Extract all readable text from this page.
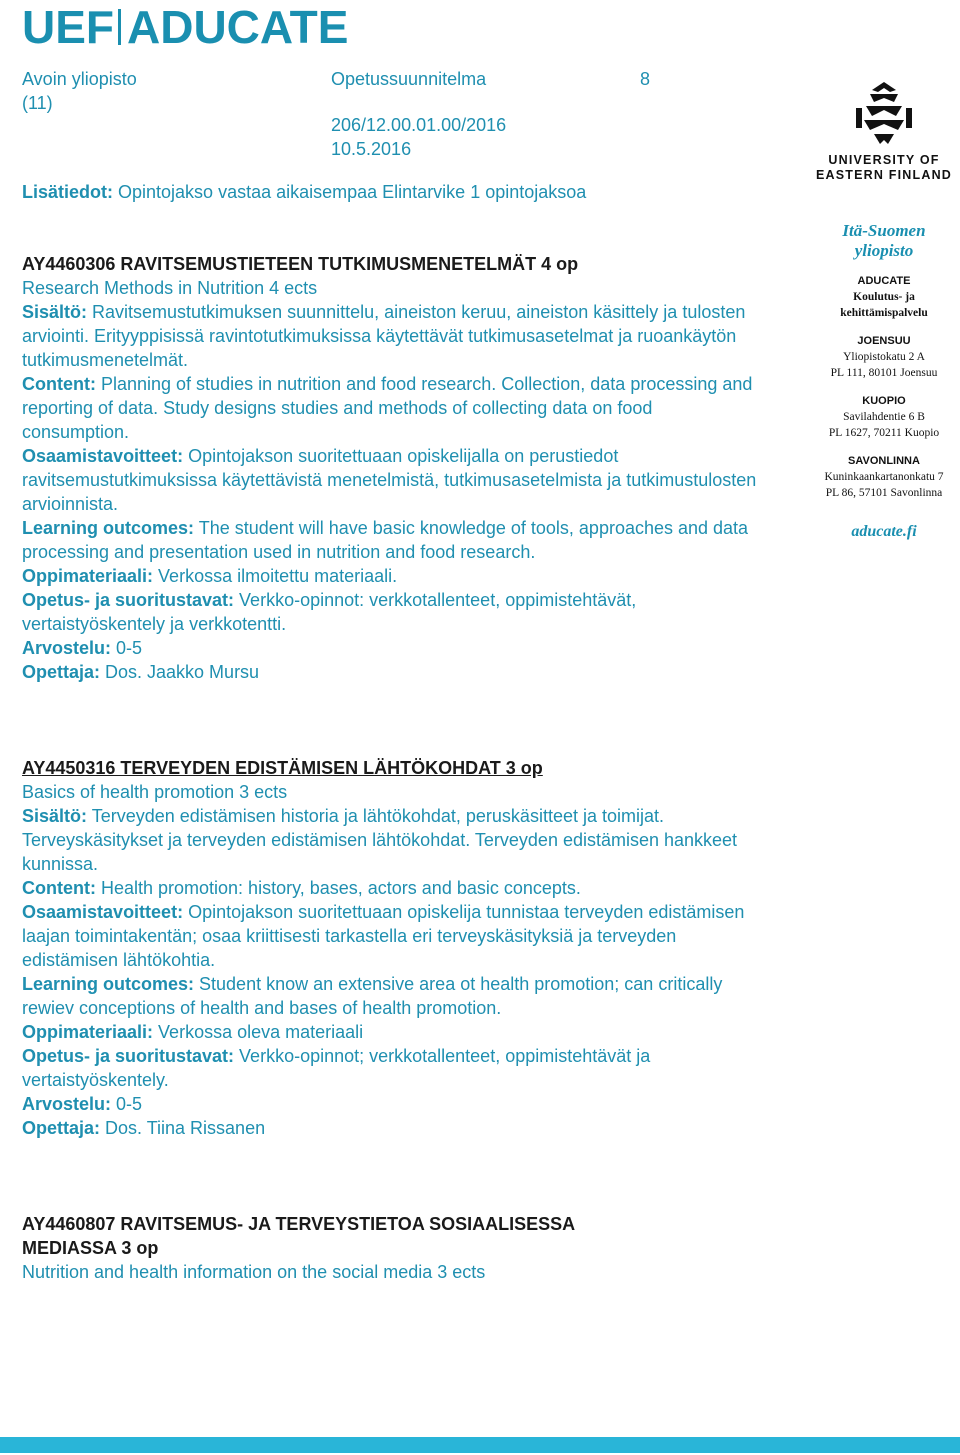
UEF ADUCATE
Avoin yliopisto
(11)
Opetussuunnitelma	8
206/12.00.01.00/2016
10.5.2016

Lisätiedot: Opintojakso vastaa aikaisempaa Elintarvike 1 opintojaksoa

AY4460306 RAVITSEMUSTIETEEN TUTKIMUSMENETELMÄT 4 op

Research Methods in Nutrition 4 ects

Sisältö: Ravitsemustutkimuksen suunnittelu, aineiston keruu, aineiston käsittely ja tulosten arviointi. Erityyppisissä ravintotutkimuksissa käytettävät tutkimusasetelmat ja ruoankäytön tutkimusmenetelmät.

Content: Planning of studies in nutrition and food research. Collection, data processing and reporting of data. Study designs studies and methods of collecting data on food consumption.

Osaamistavoitteet: Opintojakson suoritettuaan opiskelijalla on perustiedot ravitsemustutkimuksissa käytettävistä menetelmistä, tutkimusasetelmista ja tutkimustulosten arvioinnista.

Learning outcomes: The student will have basic knowledge of tools, approaches and data processing and presentation used in nutrition and food research.

Oppimateriaali: Verkossa ilmoitettu materiaali.

Opetus- ja suoritustavat: Verkko-opinnot: verkkotallenteet, oppimistehtävät, vertaistyöskentely ja verkkotentti.

Arvostelu: 0-5

Opettaja: Dos. Jaakko Mursu

AY4450316 TERVEYDEN EDISTÄMISEN LÄHTÖKOHDAT 3 op

Basics of health promotion 3 ects

Sisältö: Terveyden edistämisen historia ja lähtökohdat, peruskäsitteet ja toimijat. Terveyskäsitykset ja terveyden edistämisen lähtökohdat. Terveyden edistämisen hankkeet kunnissa.

Content: Health promotion: history, bases, actors and basic concepts.

Osaamistavoitteet: Opintojakson suoritettuaan opiskelija tunnistaa terveyden edistämisen laajan toimintakentän; osaa kriittisesti tarkastella eri terveyskäsityksiä ja terveyden edistämisen lähtökohtia.

Learning outcomes: Student know an extensive area ot health promotion; can critically rewiev conceptions of health and bases of health promotion.

Oppimateriaali: Verkossa oleva materiaali

Opetus- ja suoritustavat: Verkko-opinnot; verkkotallenteet, oppimistehtävät ja vertaistyöskentely.

Arvostelu: 0-5

Opettaja: Dos. Tiina Rissanen

AY4460807 RAVITSEMUS- JA TERVEYSTIETOA SOSIAALISESSA

MEDIASSA 3 op

Nutrition and health information on the social media 3 ects

UNIVERSITY OF
EASTERN FINLAND
Itä-Suomen
yliopisto
ADUCATE
Koulutus- ja
kehittämispalvelu
JOENSUU
Yliopistokatu 2 A
PL 111, 80101 Joensuu
KUOPIO
Savilahdentie 6 B
PL 1627, 70211 Kuopio
SAVONLINNA
Kuninkaankartanonkatu 7
PL 86, 57101 Savonlinna
aducate.fi
